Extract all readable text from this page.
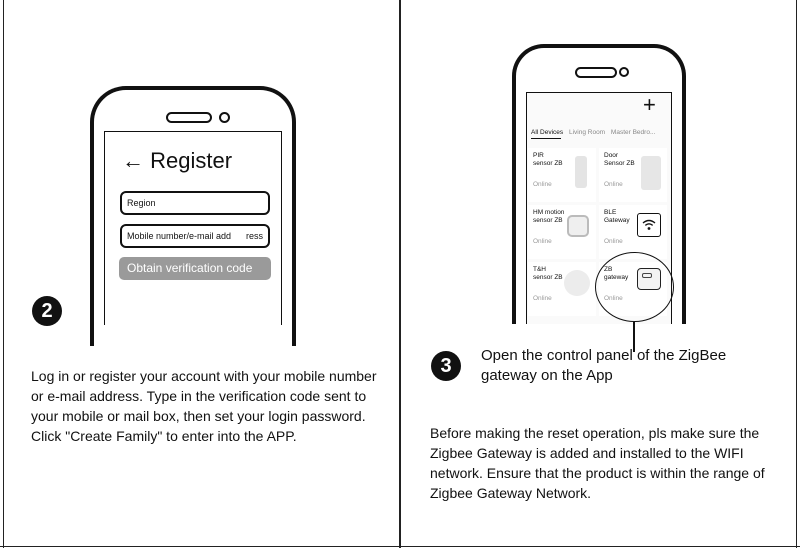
← Register
Region
Mobile number/e-mail add ress
Obtain verification code
2
Log in or register your account with your mobile number or e-mail address. Type in the verification code sent to your mobile or mail box, then set your login password. Click "Create Family" to enter into the APP.
+
All Devices Living Room Master Bedro...
PIR
sensor ZB
Online
Door
Sensor ZB
Online
HM motion
sensor ZB
Online
BLE
Gateway
Online
T&H
sensor ZB
Online
ZB
gateway
Online
3	Open the control panel of the ZigBee gateway on the App
Before making the reset operation, pls make sure the Zigbee Gateway is added and installed to the WIFI network. Ensure that the product is within the range of Zigbee Gateway Network.
